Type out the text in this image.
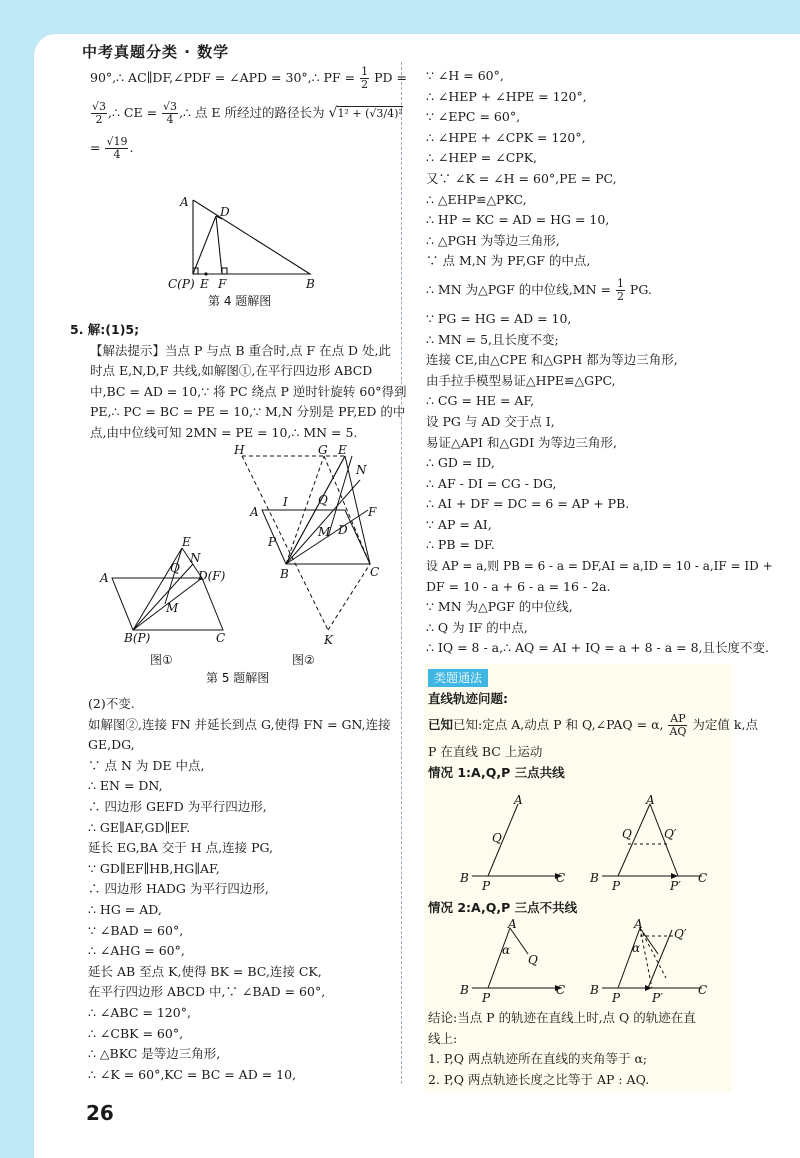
中考真题分类 · 数学

90°,∴ AC∥DF,∠PDF = ∠APD = 30°,∴ PF = $\frac{1}{2}$ PD =

$\frac{√3}{2}$ ,∴ CE = $\frac{√3}{4}$ ,∴ 点 E 所经过的路径长为 √1² + (√3/4)²

= $\frac{√19}{4}$ .

A
D
C(P) E F	B
第 4 题解图

5. 解:(1)5;

【解法提示】当点 P 与点 B 重合时,点 F 在点 D 处,此

时点 E,N,D,F 共线,如解图①,在平行四边形 ABCD

中,BC = AD = 10,∵ 将 PC 绕点 P 逆时针旋转 60°得到

PE,∴ PC = BC = PE = 10,∵ M,N 分别是 PF,ED 的中

点,由中位线可知 2MN = PE = 10,∴ MN = 5.

E
N
Q
D(F)
A
M
B(P)	C
图①
H	G E
N
I	Q
A	F
M D
P
B	C
K
图②
第 5 题解图

(2)不变.

如解图②,连接 FN 并延长到点 G,使得 FN = GN,连接

GE,DG,

∵ 点 N 为 DE 中点,

∴ EN = DN,

∴ 四边形 GEFD 为平行四边形,

∴ GE∥AF,GD∥EF.

延长 EG,BA 交于 H 点,连接 PG,

∵ GD∥EF∥HB,HG∥AF,

∴ 四边形 HADG 为平行四边形,

∴ HG = AD,

∵ ∠BAD = 60°,

∴ ∠AHG = 60°,

延长 AB 至点 K,使得 BK = BC,连接 CK,

在平行四边形 ABCD 中,∵ ∠BAD = 60°,

∴ ∠ABC = 120°,

∴ ∠CBK = 60°,

∴ △BKC 是等边三角形,

∴ ∠K = 60°,KC = BC = AD = 10,

∵ ∠H = 60°,

∴ ∠HEP + ∠HPE = 120°,

∵ ∠EPC = 60°,

∴ ∠HPE + ∠CPK = 120°,

∴ ∠HEP = ∠CPK,

又∵ ∠K = ∠H = 60°,PE = PC,

∴ △EHP≌△PKC,

∴ HP = KC = AD = HG = 10,

∴ △PGH 为等边三角形,

∵ 点 M,N 为 PF,GF 的中点,

∴ MN 为△PGF 的中位线$,MN = \frac{1}{2}$ PG.

∵ PG = HG = AD = 10,

∴ MN = 5,且长度不变;

连接 CE,由△CPE 和△GPH 都为等边三角形,

由手拉手模型易证△HPE≌△GPC,

∴ CG = HE = AF,

设 PG 与 AD 交于点 I,

易证△API 和△GDI 为等边三角形,

∴ GD = ID,

∴ AF - DI = CG - DG,

∴ AI + DF = DC = 6 = AP + PB.

∵ AP = AI,

∴ PB = DF.

设 AP = a,则 PB = 6 - a = DF,AI = a,ID = 10 - a,IF = ID +

DF = 10 - a + 6 - a = 16 - 2a.

∵ MN 为△PGF 的中位线,

∴ Q 为 IF 的中点,

∴ IQ = 8 - a,∴ AQ = AI + IQ = a + 8 - a = 8,且长度不变.

类题通法

直线轨迹问题:

已知已知:定点 A,动点 P 和 Q,∠PAQ = α, $\frac{AP}{AQ}$ 为定值 k,点

P 在直线 BC 上运动

情况 1:A,Q,P 三点共线

A
Q
B
P
C
A
Q	Q′
B
P	P′
C

情况 2:A,Q,P 三点不共线

A
α
Q
B
P
C
A
Q′
α
B
P	P′
C

结论:当点 P 的轨迹在直线上时,点 Q 的轨迹在直

线上:

1. P,Q 两点轨迹所在直线的夹角等于 α;

2. P,Q 两点轨迹长度之比等于 AP : AQ.

26
